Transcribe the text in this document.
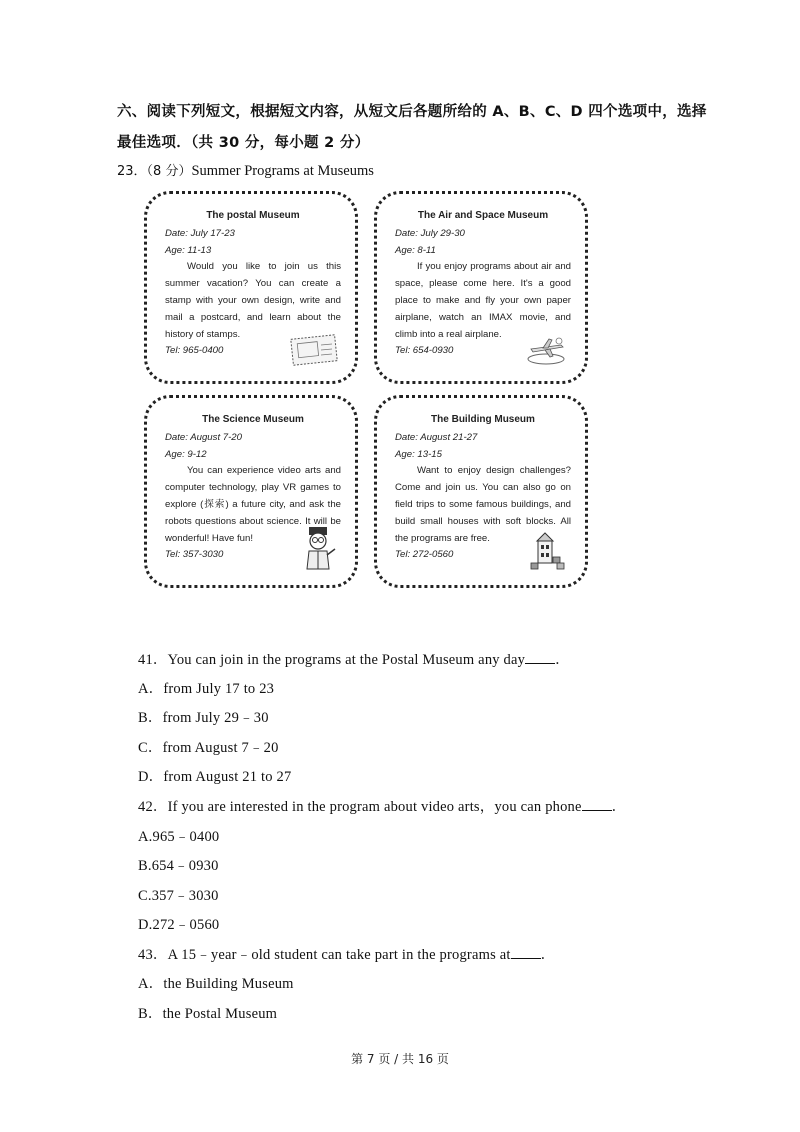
六、阅读下列短文，根据短文内容，从短文后各题所给的 A、B、C、D 四个选项中，选择
最佳选项．（共 30 分，每小题 2 分）
23．（8 分）Summer Programs at Museums
The postal Museum
Date: July 17-23
Age: 11-13
Would you like to join us this summer vacation? You can create a stamp with your own design, write and mail a postcard, and learn about the history of stamps.
Tel: 965-0400
The Air and Space Museum
Date: July 29-30
Age: 8-11
If you enjoy programs about air and space, please come here. It's a good place to make and fly your own paper airplane, watch an IMAX movie, and climb into a real airplane.
Tel: 654-0930
The Science Museum
Date: August 7-20
Age: 9-12
You can experience video arts and computer technology, play VR games to explore (探索) a future city, and ask the robots questions about science. It will be wonderful! Have fun!
Tel: 357-3030
The Building Museum
Date: August 21-27
Age: 13-15
Want to enjoy design challenges? Come and join us. You can also go on field trips to some famous buildings, and build small houses with soft blocks. All the programs are free.
Tel: 272-0560
41．You can join in the programs at the Postal Museum any day ．
A．from July 17 to 23
B．from July 29﹣30
C．from August 7﹣20
D．from August 21 to 27
42．If you are interested in the program about video arts，you can phone ．
A.965﹣0400
B.654﹣0930
C.357﹣3030
D.272﹣0560
43．A 15﹣year﹣old student can take part in the programs at ．
A．the Building Museum
B．the Postal Museum
第 7 页 / 共 16 页
